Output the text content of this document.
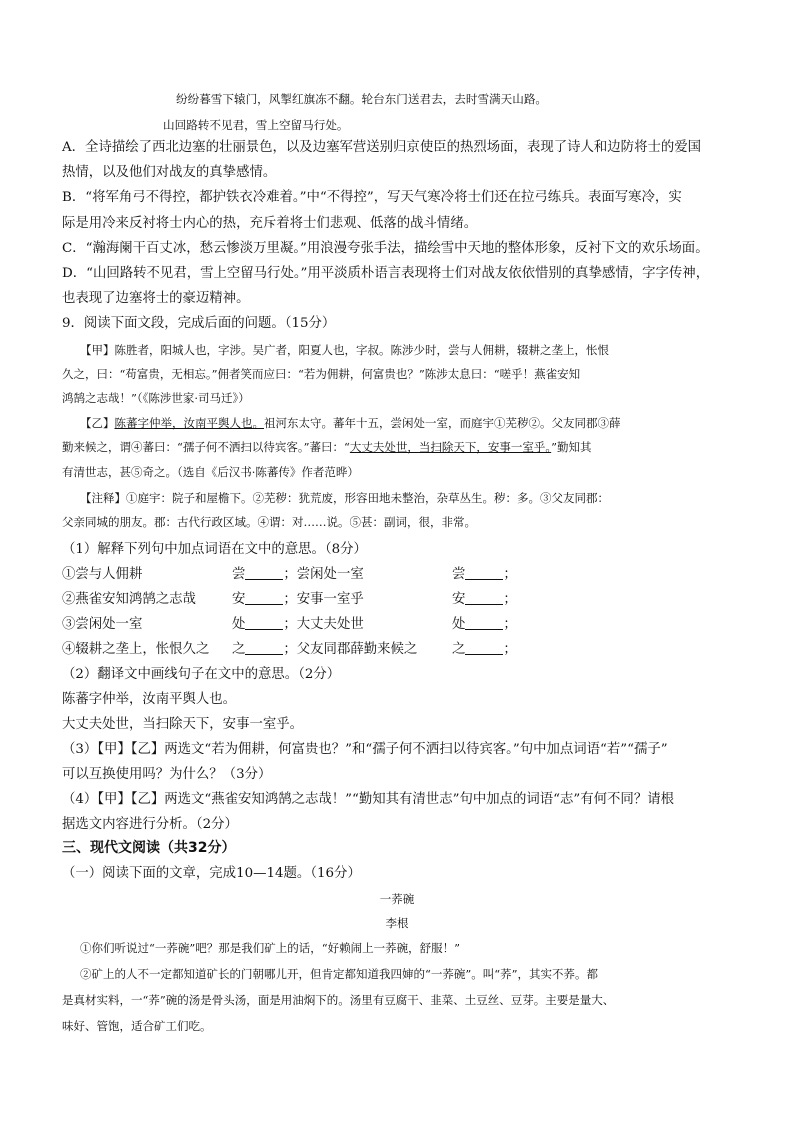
纷纷暮雪下辕门，风掣红旗冻不翻。轮台东门送君去，去时雪满天山路。
山回路转不见君，雪上空留马行处。
A．全诗描绘了西北边塞的壮丽景色，以及边塞军营送别归京使臣的热烈场面，表现了诗人和边防将士的爱国
热情，以及他们对战友的真挚感情。
B．“将军角弓不得控，都护铁衣冷难着。”中“不得控”，写天气寒冷将士们还在拉弓练兵。表面写寒冷，实
际是用冷来反衬将士内心的热，充斥着将士们悲观、低落的战斗情绪。
C．“瀚海阑干百丈冰，愁云惨淡万里凝。”用浪漫夸张手法，描绘雪中天地的整体形象，反衬下文的欢乐场面。
D．“山回路转不见君，雪上空留马行处。”用平淡质朴语言表现将士们对战友依依惜别的真挚感情，字字传神，
也表现了边塞将士的豪迈精神。
9．阅读下面文段，完成后面的问题。（15分）
【甲】陈胜者，阳城人也，字涉。吴广者，阳夏人也，字叔。陈涉少时，尝与人佣耕，辍耕之垄上，怅恨
久之，曰：“苟富贵，无相忘。”佣者笑而应曰：“若为佣耕，何富贵也？”陈涉太息曰：“嗟乎！燕雀安知
鸿鹄之志哉！”（《陈涉世家·司马迁》）
【乙】陈蕃字仲举，汝南平舆人也。祖河东太守。蕃年十五，尝闲处一室，而庭宇①芜秽②。父友同郡③薛
勤来候之，谓④蕃曰：“孺子何不洒扫以待宾客。”蕃曰：“大丈夫处世，当扫除天下，安事一室乎。”勤知其
有清世志，甚⑤奇之。（选自《后汉书·陈蕃传》作者范晔）
【注释】①庭宇：院子和屋檐下。②芜秽：犹荒废，形容田地未整治，杂草丛生。秽：多。③父友同郡：
父亲同城的朋友。郡：古代行政区域。④谓：对……说。⑤甚：副词，很，非常。
（1）解释下列句中加点词语在文中的意思。（8分）
①尝与人佣耕	尝	；尝闲处一室	尝	；
②燕雀安知鸿鹄之志哉	安	；安事一室乎	安	；
③尝闲处一室	处	；大丈夫处世	处	；
④辍耕之垄上，怅恨久之 之	；父友同郡薛勤来候之	之	；
（2）翻译文中画线句子在文中的意思。（2分）
陈蕃字仲举，汝南平舆人也。
大丈夫处世，当扫除天下，安事一室乎。
（3）【甲】【乙】两选文“若为佣耕，何富贵也？”和“孺子何不洒扫以待宾客。”句中加点词语“若”“孺子”
可以互换使用吗？为什么？（3分）
（4）【甲】【乙】两选文“燕雀安知鸿鹄之志哉！”“勤知其有清世志”句中加点的词语“志”有何不同？请根
据选文内容进行分析。（2分）
三、现代文阅读（共32分）
（一）阅读下面的文章，完成10—14题。（16分）
一荞碗
李根
①你们听说过“一荞碗”吧？那是我们矿上的话，“好赖闹上一荞碗，舒服！”
②矿上的人不一定都知道矿长的门朝哪儿开，但肯定都知道我四婶的“一荞碗”。叫“荞”，其实不荞。都
是真材实料，一“荞”碗的汤是骨头汤，面是用油焖下的。汤里有豆腐干、韭菜、土豆丝、豆芽。主要是量大、
味好、管饱，适合矿工们吃。
